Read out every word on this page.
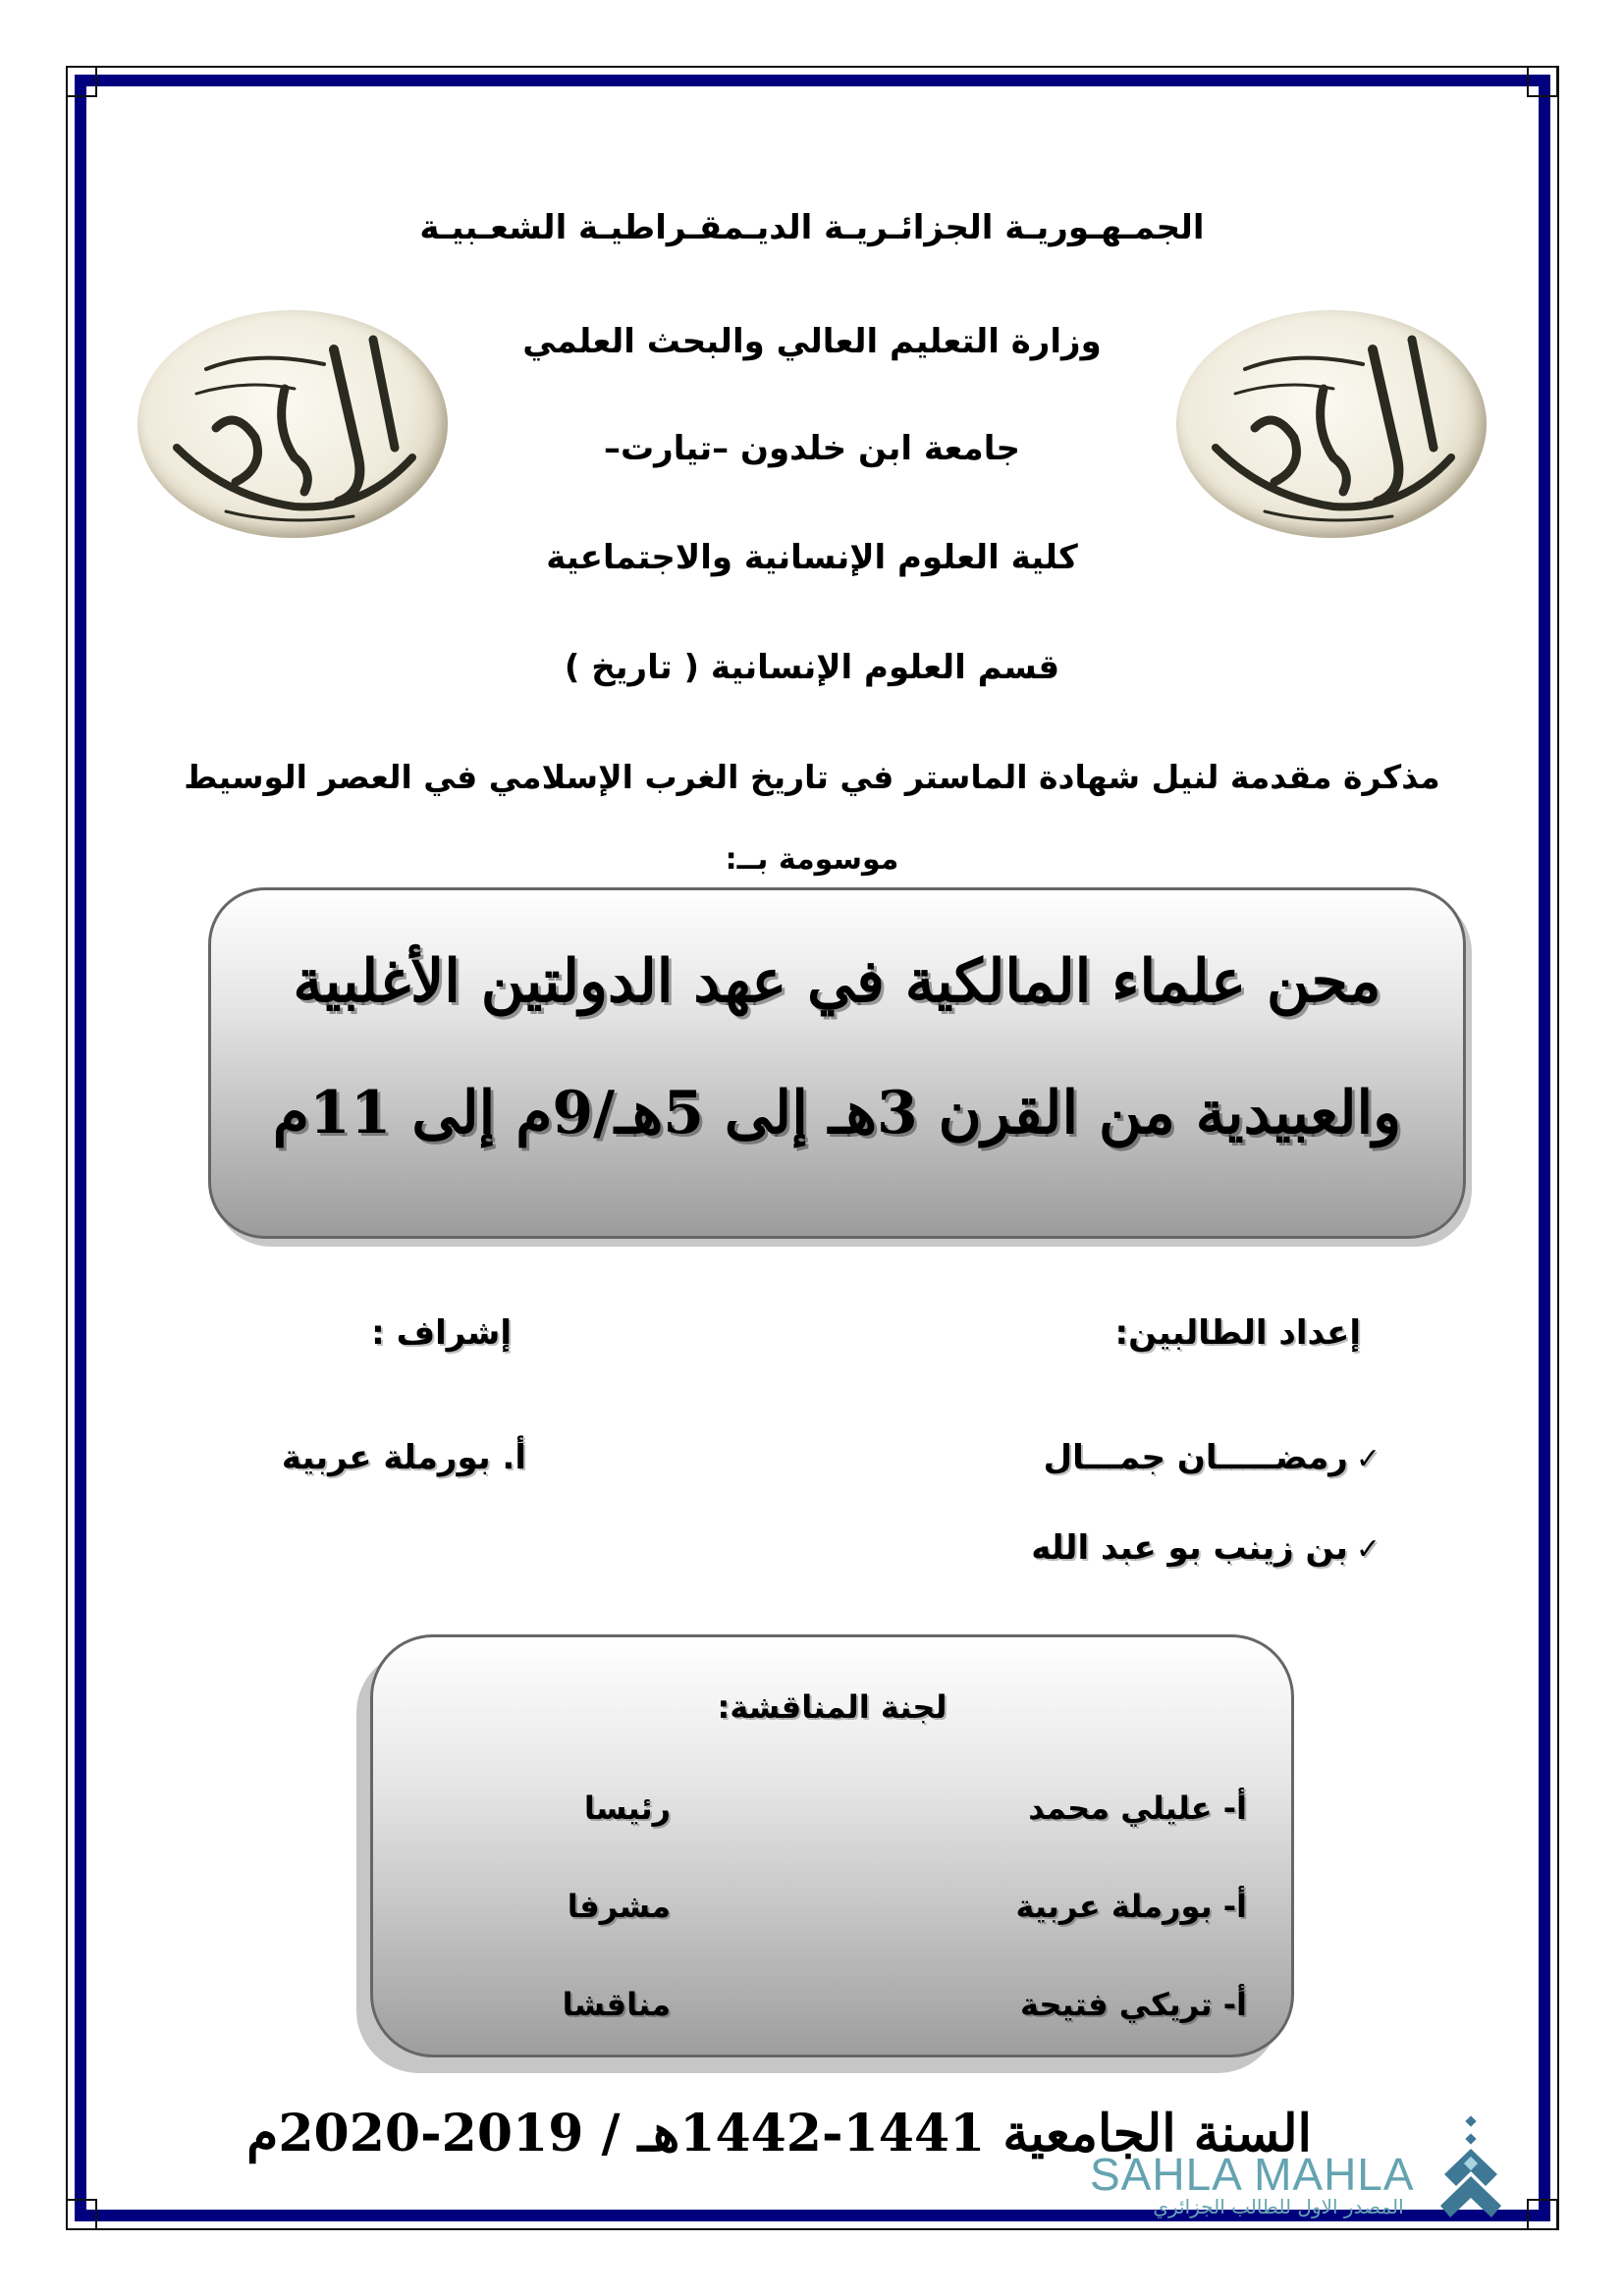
الجمـهـوريـة الجزائـريـة الديـمقـراطيـة الشعـبيـة
وزارة التعليم العالي والبحث العلمي
جامعة ابن خلدون –تيارت–
كلية العلوم الإنسانية والاجتماعية
قسم العلوم الإنسانية ( تاريخ )
مذكرة مقدمة لنيل شهادة الماستر في تاريخ الغرب الإسلامي في العصر الوسيط
موسومة بــ:
محن علماء المالكية في عهد الدولتين الأغلبية
والعبيدية من القرن 3هـ إلى 5هـ/9م إلى 11م
إعداد الطالبين:
إشراف :
✓رمضـــــان جمـــال
✓بن زينب بو عبد الله
أ. بورملة عربية
لجنة المناقشة:
أ- عليلي محمد
رئيسا
أ- بورملة عربية
مشرفا
أ- تريكي فتيحة
مناقشا
السنة الجامعية 1441-1442هـ / 2019-2020م
SAHLA MAHLA
المصدر الاول للطالب الجزائري
